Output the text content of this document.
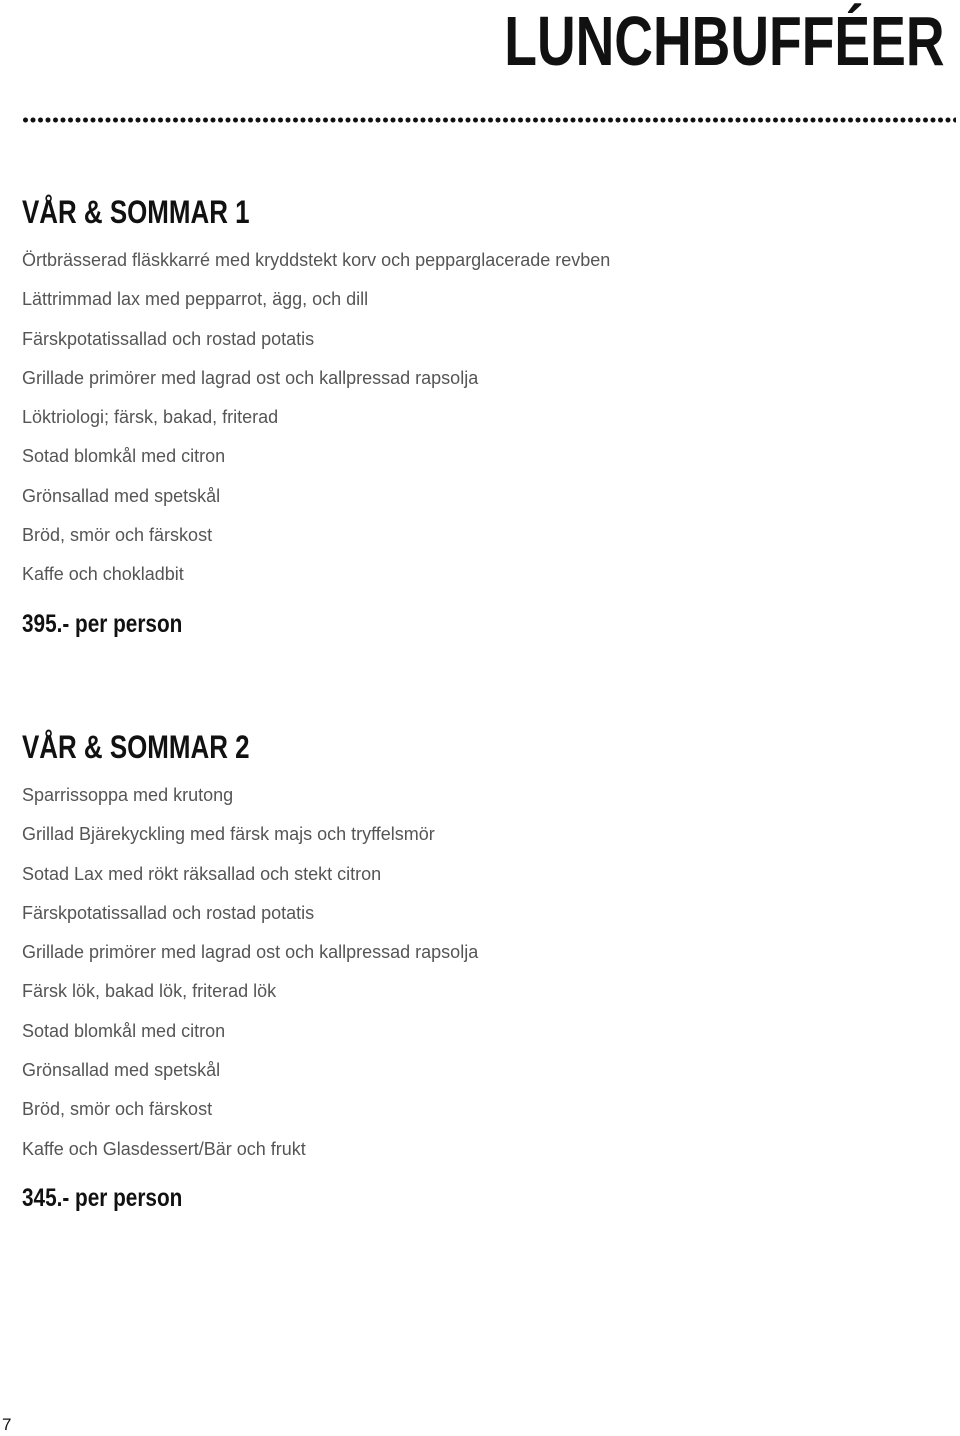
LUNCHBUFFÉER
VÅR & SOMMAR 1
Örtbrässerad fläskkarré med kryddstekt korv och pepparglacerade revben
Lättrimmad lax med pepparrot, ägg, och dill
Färskpotatissallad och rostad potatis
Grillade primörer med lagrad ost och kallpressad rapsolja
Löktriologi; färsk, bakad, friterad
Sotad blomkål med citron
Grönsallad med spetskål
Bröd, smör och färskost
Kaffe och chokladbit
395.- per person
VÅR & SOMMAR 2
Sparrissoppa med krutong
Grillad Bjärekyckling med färsk majs och tryffelsmör
Sotad Lax med rökt räksallad och stekt citron
Färskpotatissallad och rostad potatis
Grillade primörer med lagrad ost och kallpressad rapsolja
Färsk lök, bakad lök, friterad lök
Sotad blomkål med citron
Grönsallad med spetskål
Bröd, smör och färskost
Kaffe och Glasdessert/Bär och frukt
345.- per person
7
